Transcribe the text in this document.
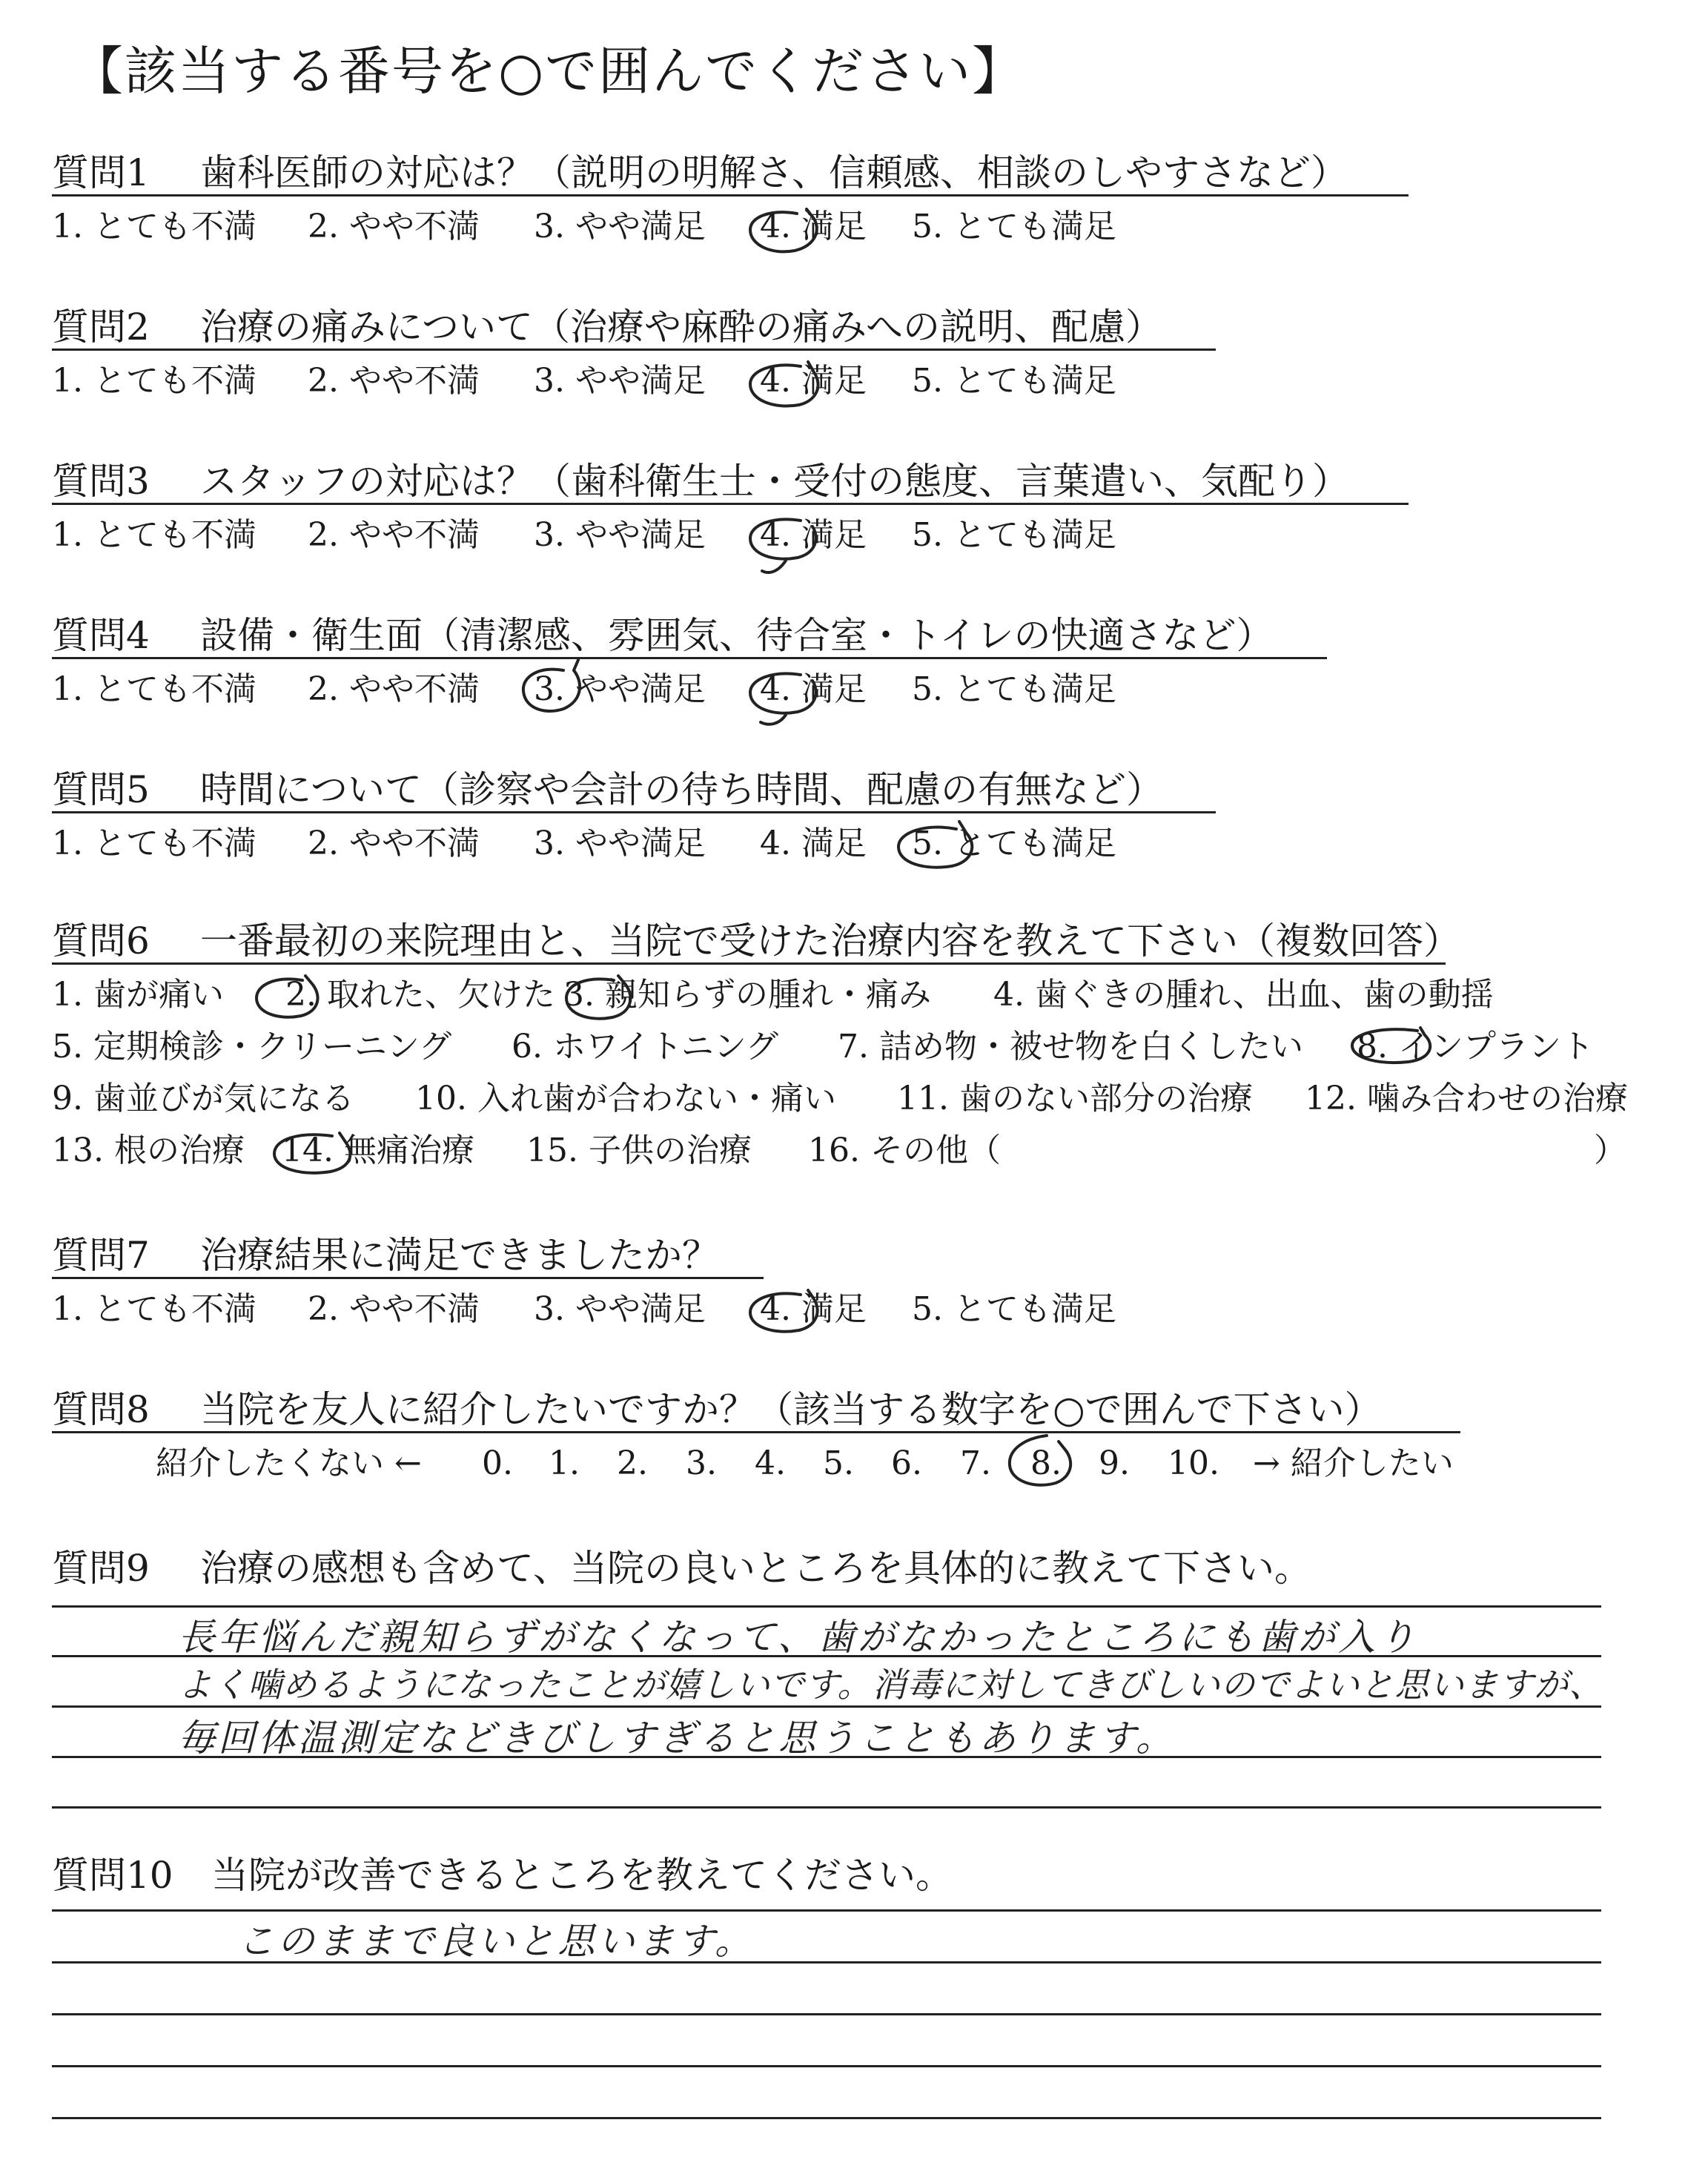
【該当する番号を○で囲んでください】
質問1 歯科医師の対応は？（説明の明解さ、信頼感、相談のしやすさなど）
1. とても不満 2. やや不満 3. やや満足 4. 満足 5. とても満足
質問2 治療の痛みについて（治療や麻酔の痛みへの説明、配慮）
1. とても不満 2. やや不満 3. やや満足 4. 満足 5. とても満足
質問3 スタッフの対応は？（歯科衛生士・受付の態度、言葉遣い、気配り）
1. とても不満 2. やや不満 3. やや満足 4. 満足 5. とても満足
質問4 設備・衛生面（清潔感、雰囲気、待合室・トイレの快適さなど）
1. とても不満 2. やや不満 3. やや満足 4. 満足 5. とても満足
質問5 時間について（診察や会計の待ち時間、配慮の有無など）
1. とても不満 2. やや不満 3. やや満足 4. 満足 5. とても満足
質問6 一番最初の来院理由と、当院で受けた治療内容を教えて下さい（複数回答）
1. 歯が痛い 2. 取れた、欠けた 3. 親知らずの腫れ・痛み 4. 歯ぐきの腫れ、出血、歯の動揺
5. 定期検診・クリーニング 6. ホワイトニング 7. 詰め物・被せ物を白くしたい 8. インプラント
9. 歯並びが気になる 10. 入れ歯が合わない・痛い 11. 歯のない部分の治療 12. 噛み合わせの治療
13. 根の治療 14. 無痛治療 15. 子供の治療 16. その他（	）
質問7 治療結果に満足できましたか？
1. とても不満 2. やや不満 3. やや満足 4. 満足 5. とても満足
質問8 当院を友人に紹介したいですか？（該当する数字を○で囲んで下さい）
紹介したくない ← 0. 1. 2. 3. 4. 5. 6. 7. 8. 9. 10. → 紹介したい
質問9 治療の感想も含めて、当院の良いところを具体的に教えて下さい。
長年悩んだ親知らずがなくなって、歯がなかったところにも歯が入り
よく噛めるようになったことが嬉しいです。消毒に対してきびしいのでよいと思いますが、
毎回体温測定などきびしすぎると思うこともあります。
質問10 当院が改善できるところを教えてください。
このままで良いと思います。
